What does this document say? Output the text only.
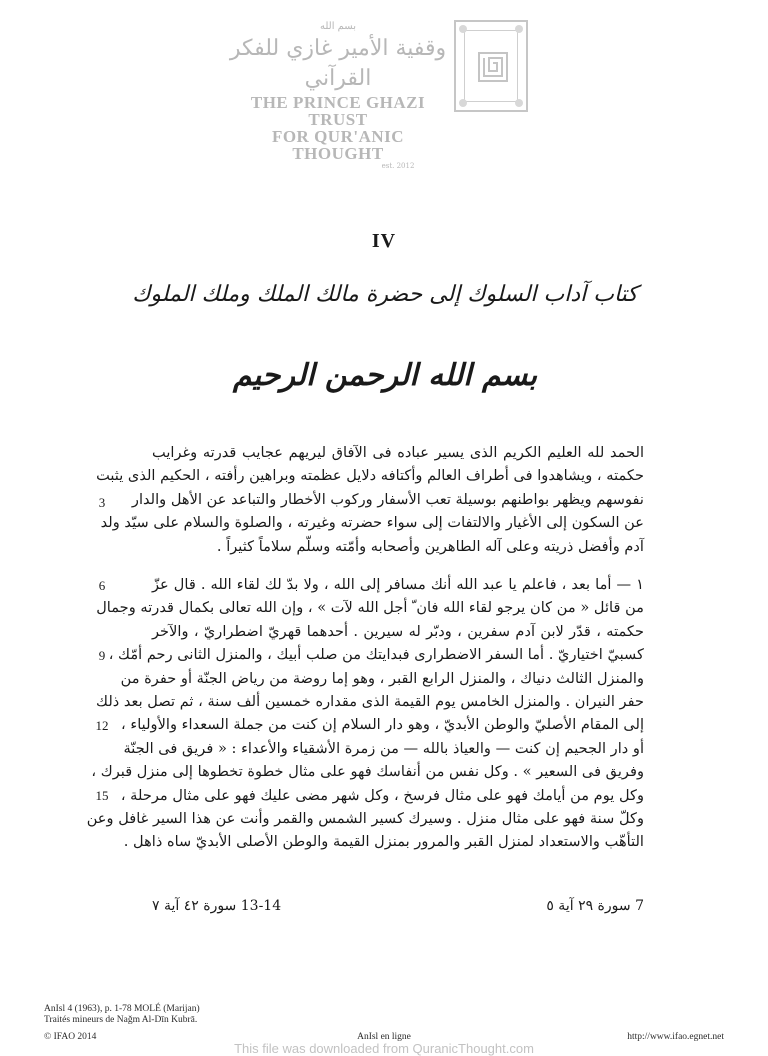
بسم الله
وقفية الأمير غازي للفكر القرآني
THE PRINCE GHAZI TRUST
FOR QUR'ANIC THOUGHT
est. 2012
IV
كتاب آداب السلوك إلى حضرة مالك الملك وملك الملوك
بسم الله الرحمن الرحيم
الحمد لله العليم الكريم الذى يسير عباده فى الآفاق ليريهم عجايب قدرته وغرايب
حكمته ، ويشاهدوا فى أطراف العالم وأكتافه دلايل عظمته وبراهين رأفته ، الحكيم الذى يثبت
نفوسهم ويظهر بواطنهم بوسيلة تعب الأسفار وركوب الأخطار والتباعد عن الأهل والدار
عن السكون إلى الأغيار والالتفات إلى سواء حضرته وغيرته ، والصلوة والسلام على سيّد ولد
آدم وأفضل ذريته وعلى آله الطاهرين وأصحابه وأمّته وسلّم سلاماً كثيراً .
١ — أما بعد ، فاعلم يا عبد الله أنك مسافر إلى الله ، ولا بدّ لك لقاء الله . قال عزّ
من قائل « من كان يرجو لقاء الله فان ّ أجل الله لآت » ، وإن الله تعالى بكمال قدرته وجمال
حكمته ، قدّر لابن آدم سفرين ، ودبّر له سيرين . أحدهما قهريّ اضطراريّ ، والآخر
كسبيّ اختياريّ . أما السفر الاضطرارى فبدايتك من صلب أبيك ، والمنزل الثانى رحم أمّك ،
والمنزل الثالث دنياك ، والمنزل الرابع القبر ، وهو إما روضة من رياض الجنّة أو حفرة من
حفر النيران . والمنزل الخامس يوم القيمة الذى مقداره خمسين ألف سنة ، ثم تصل بعد ذلك
إلى المقام الأصليّ والوطن الأبديّ ، وهو دار السلام إن كنت من جملة السعداء والأولياء ،
أو دار الجحيم إن كنت — والعياذ بالله — من زمرة الأشقياء والأعداء : « فريق فى الجنّة
وفريق فى السعير » . وكل نفس من أنفاسك فهو على مثال خطوة تخطوها إلى منزل قبرك ،
وكل يوم من أيامك فهو على مثال فرسخ ، وكل شهر مضى عليك فهو على مثال مرحلة ،
وكلّ سنة فهو على مثال منزل . وسيرك كسير الشمس والقمر وأنت عن هذا السير غافل وعن
التأهّب والاستعداد لمنزل القبر والمرور بمنزل القيمة والوطن الأصلى الأبديّ ساه ذاهل .
3
6
9
12
15
7 سورة ٢٩ آية ٥
13-14 سورة ٤٢ آية ٧
AnIsl 4 (1963), p. 1-78 MOLÉ (Marijan)
Traités mineurs de Naǧm Al-Dīn Kubrā.
© IFAO 2014	AnIsl en ligne	http://www.ifao.egnet.net
This file was downloaded from QuranicThought.com
